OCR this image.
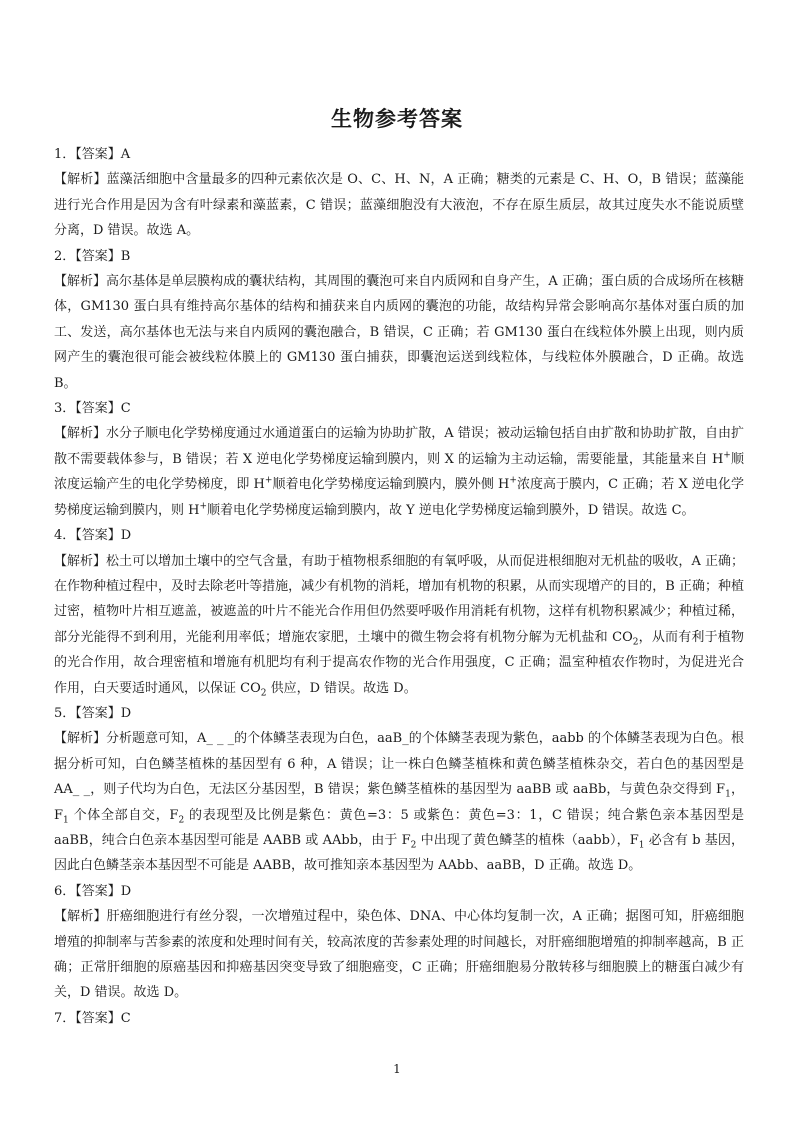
生物参考答案
1．【答案】A
【解析】蓝藻活细胞中含量最多的四种元素依次是 O、C、H、N，A 正确；糖类的元素是 C、H、O，B 错误；蓝藻能进行光合作用是因为含有叶绿素和藻蓝素，C 错误；蓝藻细胞没有大液泡，不存在原生质层，故其过度失水不能说质壁分离，D 错误。故选 A。
2．【答案】B
【解析】高尔基体是单层膜构成的囊状结构，其周围的囊泡可来自内质网和自身产生，A 正确；蛋白质的合成场所在核糖体，GM130 蛋白具有维持高尔基体的结构和捕获来自内质网的囊泡的功能，故结构异常会影响高尔基体对蛋白质的加工、发送，高尔基体也无法与来自内质网的囊泡融合，B 错误，C 正确；若 GM130 蛋白在线粒体外膜上出现，则内质网产生的囊泡很可能会被线粒体膜上的 GM130 蛋白捕获，即囊泡运送到线粒体，与线粒体外膜融合，D 正确。故选 B。
3．【答案】C
【解析】水分子顺电化学势梯度通过水通道蛋白的运输为协助扩散，A 错误；被动运输包括自由扩散和协助扩散，自由扩散不需要载体参与，B 错误；若 X 逆电化学势梯度运输到膜内，则 X 的运输为主动运输，需要能量，其能量来自 H+顺浓度运输产生的电化学势梯度，即 H+顺着电化学势梯度运输到膜内，膜外侧 H+浓度高于膜内，C 正确；若 X 逆电化学势梯度运输到膜内，则 H+顺着电化学势梯度运输到膜内，故 Y 逆电化学势梯度运输到膜外，D 错误。故选 C。
4．【答案】D
【解析】松土可以增加土壤中的空气含量，有助于植物根系细胞的有氧呼吸，从而促进根细胞对无机盐的吸收，A 正确；在作物种植过程中，及时去除老叶等措施，减少有机物的消耗，增加有机物的积累，从而实现增产的目的，B 正确；种植过密，植物叶片相互遮盖，被遮盖的叶片不能光合作用但仍然要呼吸作用消耗有机物，这样有机物积累减少；种植过稀，部分光能得不到利用，光能利用率低；增施农家肥，土壤中的微生物会将有机物分解为无机盐和 $CO_2$，从而有利于植物的光合作用，故合理密植和增施有机肥均有利于提高农作物的光合作用强度，C 正确；温室种植农作物时，为促进光合作用，白天要适时通风，以保证 $CO_2$ 供应，D 错误。故选 D。
5．【答案】D
【解析】分析题意可知，A_ _ _的个体鳞茎表现为白色，aaB_的个体鳞茎表现为紫色，aabb 的个体鳞茎表现为白色。根据分析可知，白色鳞茎植株的基因型有 6 种，A 错误；让一株白色鳞茎植株和黄色鳞茎植株杂交，若白色的基因型是 AA_ _，则子代均为白色，无法区分基因型，B 错误；紫色鳞茎植株的基因型为 aaBB 或 aaBb，与黄色杂交得到 $F_1$，$F_1$ 个体全部自交，$F_2$ 的表现型及比例是紫色：黄色=3：5 或紫色：黄色=3：1，C 错误；纯合紫色亲本基因型是 aaBB，纯合白色亲本基因型可能是 AABB 或 AAbb，由于 $F_2$ 中出现了黄色鳞茎的植株（aabb），$F_1$ 必含有 b 基因，因此白色鳞茎亲本基因型不可能是 AABB，故可推知亲本基因型为 AAbb、aaBB，D 正确。故选 D。
6．【答案】D
【解析】肝癌细胞进行有丝分裂，一次增殖过程中，染色体、DNA、中心体均复制一次，A 正确；据图可知，肝癌细胞增殖的抑制率与苦参素的浓度和处理时间有关，较高浓度的苦参素处理的时间越长，对肝癌细胞增殖的抑制率越高，B 正确；正常肝细胞的原癌基因和抑癌基因突变导致了细胞癌变，C 正确；肝癌细胞易分散转移与细胞膜上的糖蛋白减少有关，D 错误。故选 D。
7．【答案】C
1
